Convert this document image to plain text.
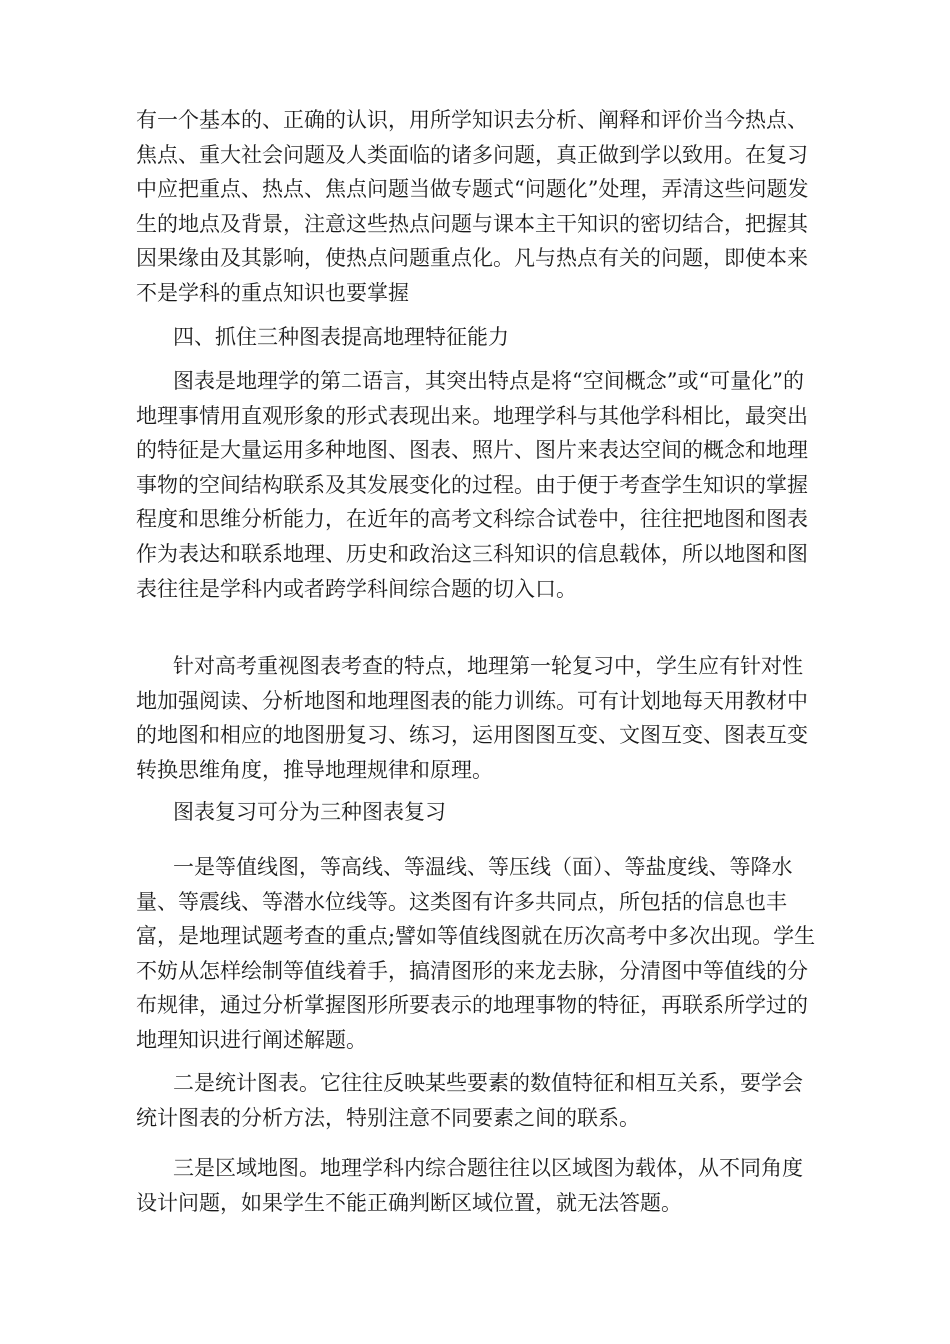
有一个基本的、正确的认识，用所学知识去分析、阐释和评价当今热点、焦点、重大社会问题及人类面临的诸多问题，真正做到学以致用。在复习中应把重点、热点、焦点问题当做专题式“问题化”处理，弄清这些问题发生的地点及背景，注意这些热点问题与课本主干知识的密切结合，把握其因果缘由及其影响，使热点问题重点化。凡与热点有关的问题，即使本来不是学科的重点知识也要掌握

四、抓住三种图表提高地理特征能力

图表是地理学的第二语言，其突出特点是将“空间概念”或“可量化”的地理事情用直观形象的形式表现出来。地理学科与其他学科相比，最突出的特征是大量运用多种地图、图表、照片、图片来表达空间的概念和地理事物的空间结构联系及其发展变化的过程。由于便于考查学生知识的掌握程度和思维分析能力，在近年的高考文科综合试卷中，往往把地图和图表作为表达和联系地理、历史和政治这三科知识的信息载体，所以地图和图表往往是学科内或者跨学科间综合题的切入口。

针对高考重视图表考查的特点，地理第一轮复习中，学生应有针对性地加强阅读、分析地图和地理图表的能力训练。可有计划地每天用教材中的地图和相应的地图册复习、练习，运用图图互变、文图互变、图表互变转换思维角度，推导地理规律和原理。

图表复习可分为三种图表复习

一是等值线图，等高线、等温线、等压线（面）、等盐度线、等降水量、等震线、等潜水位线等。这类图有许多共同点，所包括的信息也丰富，是地理试题考查的重点;譬如等值线图就在历次高考中多次出现。学生不妨从怎样绘制等值线着手，搞清图形的来龙去脉，分清图中等值线的分布规律，通过分析掌握图形所要表示的地理事物的特征，再联系所学过的地理知识进行阐述解题。

二是统计图表。它往往反映某些要素的数值特征和相互关系，要学会统计图表的分析方法，特别注意不同要素之间的联系。

三是区域地图。地理学科内综合题往往以区域图为载体，从不同角度设计问题，如果学生不能正确判断区域位置，就无法答题。
